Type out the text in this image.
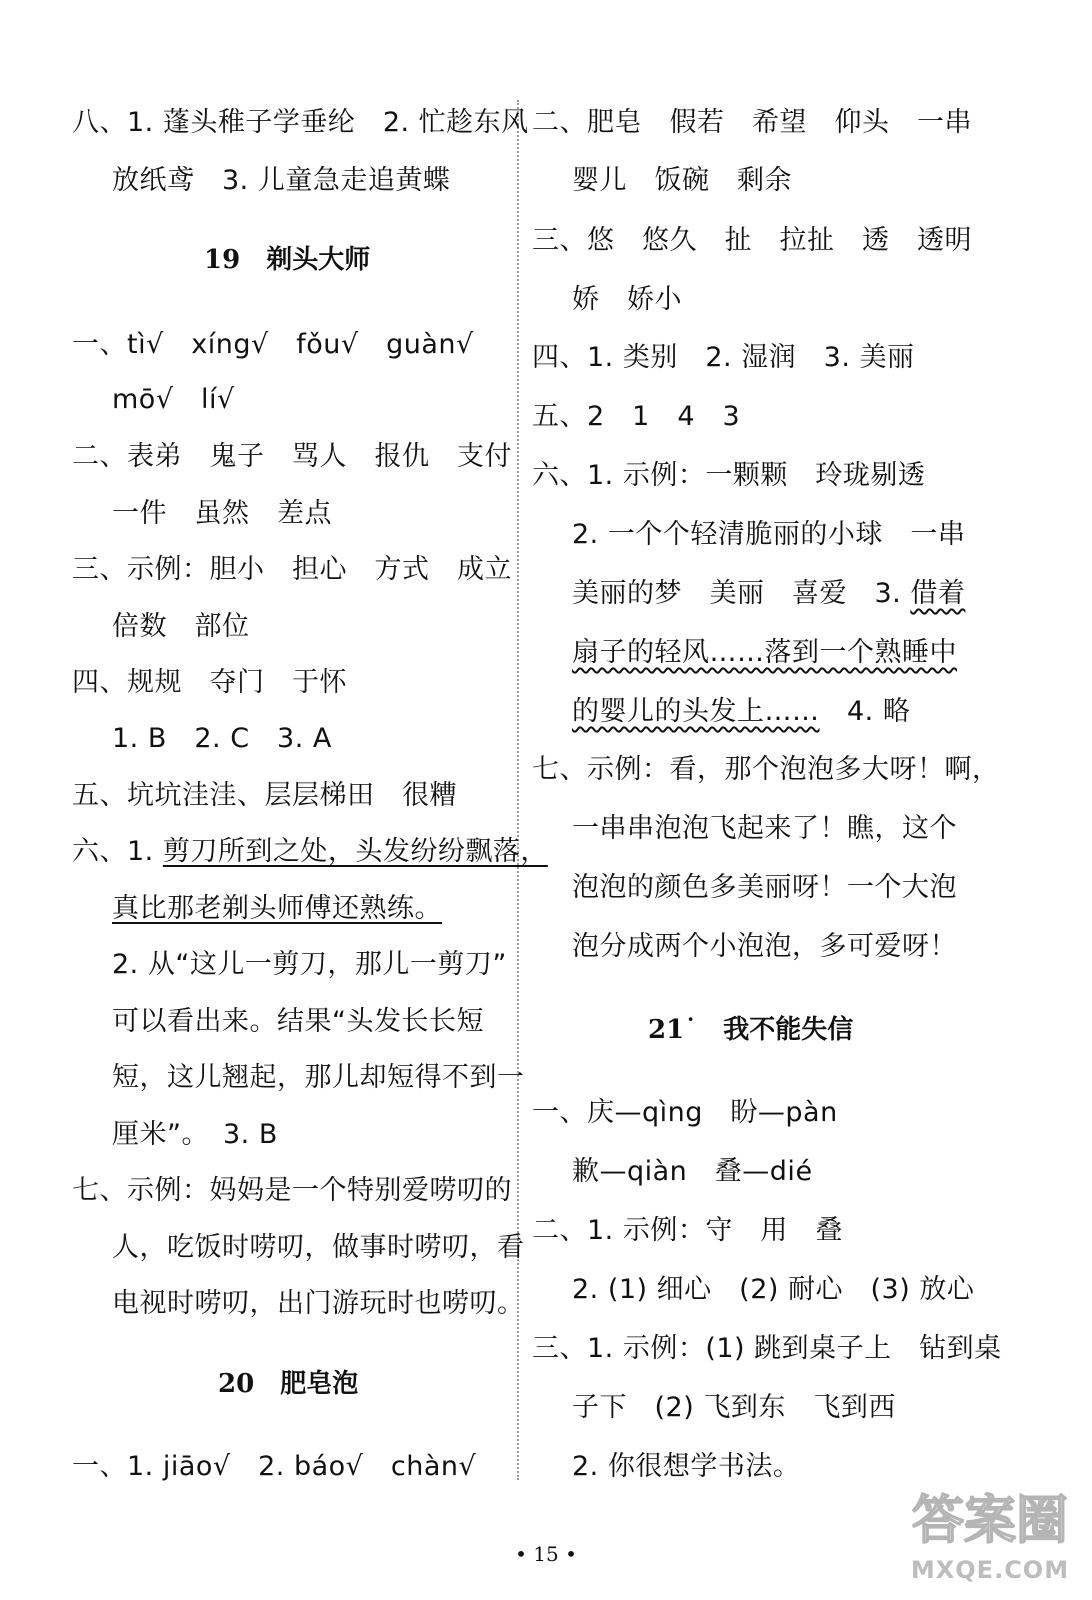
八、1. 蓬头稚子学垂纶　2. 忙趁东风
放纸鸢　3. 儿童急走追黄蝶
19　 剃头大师
一、tì√　xíng√　fǒu√　guàn√
mō√　lí√
二、表弟　鬼子　骂人　报仇　支付
一件　虽然　差点
三、示例：胆小　担心　方式　成立
倍数　部位
四、规规　夺门　于怀
1. B　2. C　3. A
五、坑坑洼洼、层层梯田　很糟
六、1. 剪刀所到之处，头发纷纷飘落，
真比那老剃头师傅还熟练。
2. 从“这儿一剪刀，那儿一剪刀”
可以看出来。结果“头发长长短
短，这儿翘起，那儿却短得不到一
厘米”。　3. B
七、示例：妈妈是一个特别爱唠叨的
人，吃饭时唠叨，做事时唠叨，看
电视时唠叨，出门游玩时也唠叨。
20　 肥皂泡
一、1. jiāo√　2. báo√　chàn√
二、肥皂　假若　希望　仰头　一串
婴儿　饭碗　剩余
三、悠　悠久　扯　拉扯　透　透明
娇　娇小
四、1. 类别　2. 湿润　3. 美丽
五、2　1　4　3
六、1. 示例：一颗颗　玲珑剔透
2. 一个个轻清脆丽的小球　一串
美丽的梦　美丽　喜爱　3. 借着
扇子的轻风……落到一个熟睡中
的婴儿的头发上……　4. 略
七、示例：看，那个泡泡多大呀！啊，
一串串泡泡飞起来了！瞧，这个
泡泡的颜色多美丽呀！一个大泡
泡分成两个小泡泡，多可爱呀！
21˙　 我不能失信
一、庆—qìng　盼—pàn
歉—qiàn　叠—dié
二、1. 示例：守　用　叠
2. (1) 细心　(2) 耐心　(3) 放心
三、1. 示例：(1) 跳到桌子上　钻到桌
子下　(2) 飞到东　飞到西
2. 你很想学书法。
• 15 •
答案圈
MXQE.COM
